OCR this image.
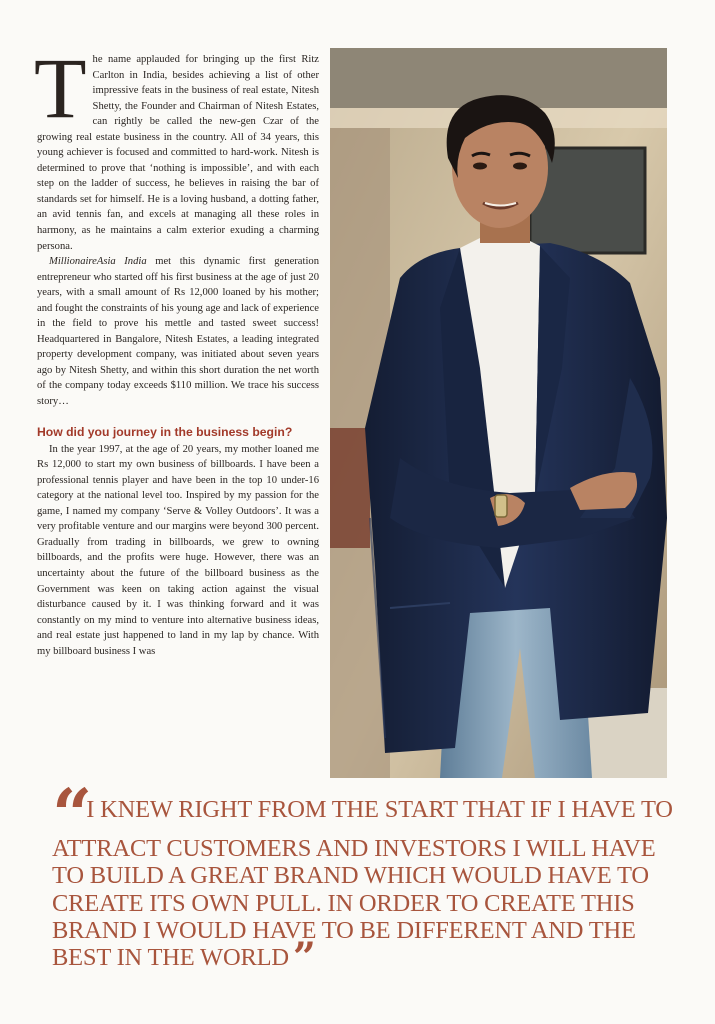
The name applauded for bringing up the first Ritz Carlton in India, besides achieving a list of other impressive feats in the business of real estate, Nitesh Shetty, the Founder and Chairman of Nitesh Estates, can rightly be called the new-gen Czar of the growing real estate business in the country. All of 34 years, this young achiever is focused and committed to hard-work. Nitesh is determined to prove that ‘nothing is impossible’, and with each step on the ladder of success, he believes in raising the bar of standards set for himself. He is a loving husband, a dotting father, an avid tennis fan, and excels at managing all these roles in harmony, as he maintains a calm exterior exuding a charming persona.

MillionaireAsia India met this dynamic first generation entrepreneur who started off his first business at the age of just 20 years, with a small amount of Rs 12,000 loaned by his mother; and fought the constraints of his young age and lack of experience in the field to prove his mettle and tasted sweet success! Headquartered in Bangalore, Nitesh Estates, a leading integrated property development company, was initiated about seven years ago by Nitesh Shetty, and within this short duration the net worth of the company today exceeds $110 million. We trace his success story…

How did you journey in the business begin?

In the year 1997, at the age of 20 years, my mother loaned me Rs 12,000 to start my own business of billboards. I have been a professional tennis player and have been in the top 10 under-16 category at the national level too. Inspired by my passion for the game, I named my company ‘Serve & Volley Outdoors’. It was a very profitable venture and our margins were beyond 300 percent. Gradually from trading in billboards, we grew to owning billboards, and the profits were huge. However, there was an uncertainty about the future of the billboard business as the Government was keen on taking action against the visual disturbance caused by it. I was thinking forward and it was constantly on my mind to venture into alternative business ideas, and real estate just happened to land in my lap by chance. With my billboard business I was

“ I KNEW RIGHT FROM THE START THAT IF I HAVE TO ATTRACT CUSTOMERS AND INVESTORS I WILL HAVE TO BUILD A GREAT BRAND WHICH WOULD HAVE TO CREATE ITS OWN PULL. IN ORDER TO CREATE THIS BRAND I WOULD HAVE TO BE DIFFERENT AND THE BEST IN THE WORLD ”
